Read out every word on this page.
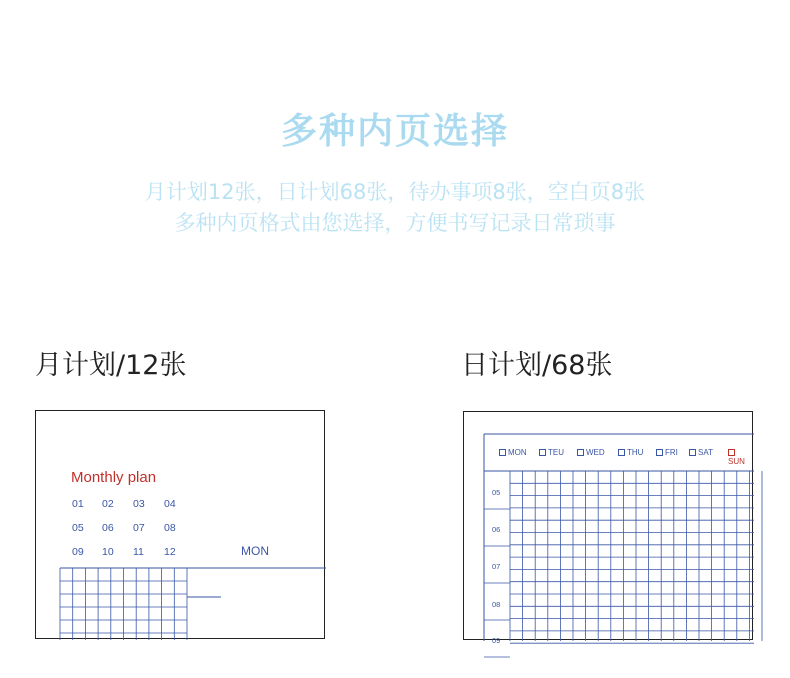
多种内页选择
月计划12张，日计划68张，待办事项8张，空白页8张
多种内页格式由您选择，方便书写记录日常琐事
月计划/12张	日计划/68张
Monthly plan
01 02 03 04
05 06 07 08
09 10 11 12	MON
MON	TEU	WED	THU	FRI	SAT
SUN
05
06
07
08
09
